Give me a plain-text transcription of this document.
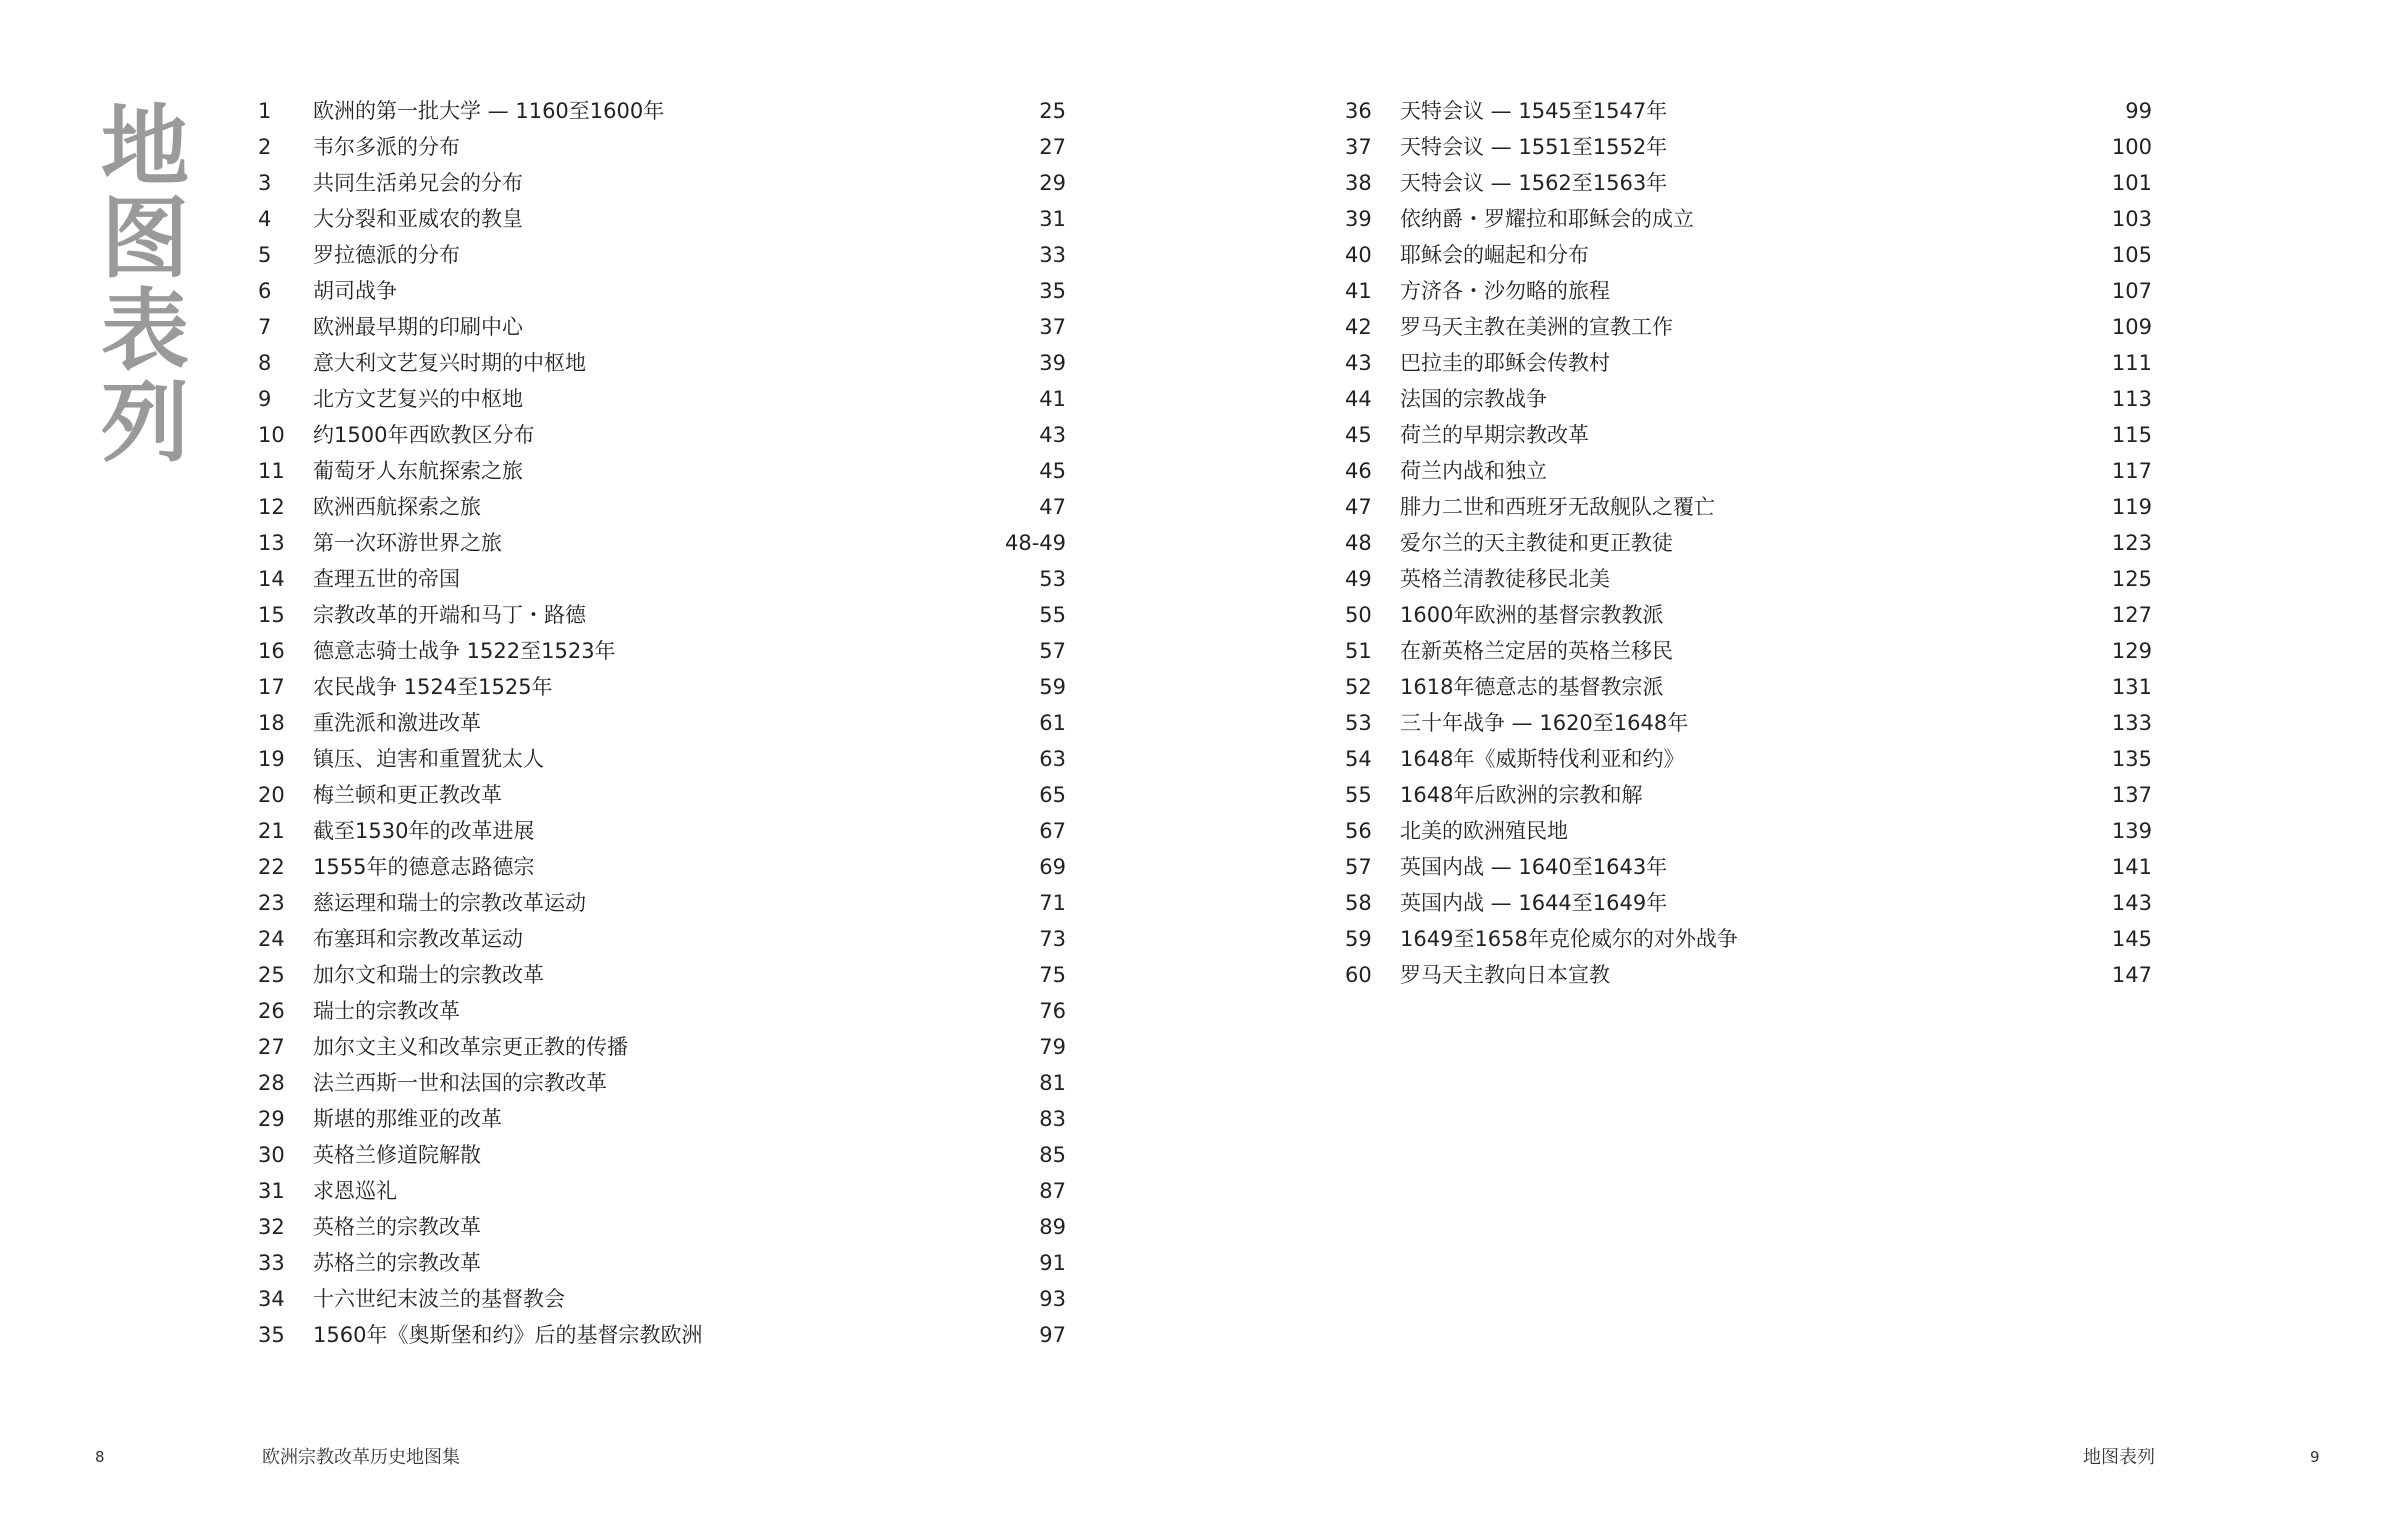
地
图
表
列
1 欧洲的第一批大学 — 1160至1600年	25
2 韦尔多派的分布	27
3 共同生活弟兄会的分布	29
4 大分裂和亚威农的教皇	31
5 罗拉德派的分布	33
6 胡司战争	35
7 欧洲最早期的印刷中心	37
8 意大利文艺复兴时期的中枢地	39
9 北方文艺复兴的中枢地	41
10 约1500年西欧教区分布	43
11 葡萄牙人东航探索之旅	45
12 欧洲西航探索之旅	47
13 第一次环游世界之旅	48-49
14 查理五世的帝国	53
15 宗教改革的开端和马丁・路德	55
16 德意志骑士战争 1522至1523年	57
17 农民战争 1524至1525年	59
18 重洗派和激进改革	61
19 镇压、迫害和重置犹太人	63
20 梅兰顿和更正教改革	65
21 截至1530年的改革进展	67
22 1555年的德意志路德宗	69
23 慈运理和瑞士的宗教改革运动	71
24 布塞珥和宗教改革运动	73
25 加尔文和瑞士的宗教改革	75
26 瑞士的宗教改革	76
27 加尔文主义和改革宗更正教的传播	79
28 法兰西斯一世和法国的宗教改革	81
29 斯堪的那维亚的改革	83
30 英格兰修道院解散	85
31 求恩巡礼	87
32 英格兰的宗教改革	89
33 苏格兰的宗教改革	91
34 十六世纪末波兰的基督教会	93
35 1560年《奥斯堡和约》后的基督宗教欧洲	97
36 天特会议 — 1545至1547年	99
37 天特会议 — 1551至1552年	100
38 天特会议 — 1562至1563年	101
39 依纳爵・罗耀拉和耶稣会的成立	103
40 耶稣会的崛起和分布	105
41 方济各・沙勿略的旅程	107
42 罗马天主教在美洲的宣教工作	109
43 巴拉圭的耶稣会传教村	111
44 法国的宗教战争	113
45 荷兰的早期宗教改革	115
46 荷兰内战和独立	117
47 腓力二世和西班牙无敌舰队之覆亡	119
48 爱尔兰的天主教徒和更正教徒	123
49 英格兰清教徒移民北美	125
50 1600年欧洲的基督宗教教派	127
51 在新英格兰定居的英格兰移民	129
52 1618年德意志的基督教宗派	131
53 三十年战争 — 1620至1648年	133
54 1648年《威斯特伐利亚和约》	135
55 1648年后欧洲的宗教和解	137
56 北美的欧洲殖民地	139
57 英国内战 — 1640至1643年	141
58 英国内战 — 1644至1649年	143
59 1649至1658年克伦威尔的对外战争	145
60 罗马天主教向日本宣教	147
8	欧洲宗教改革历史地图集	地图表列	9
